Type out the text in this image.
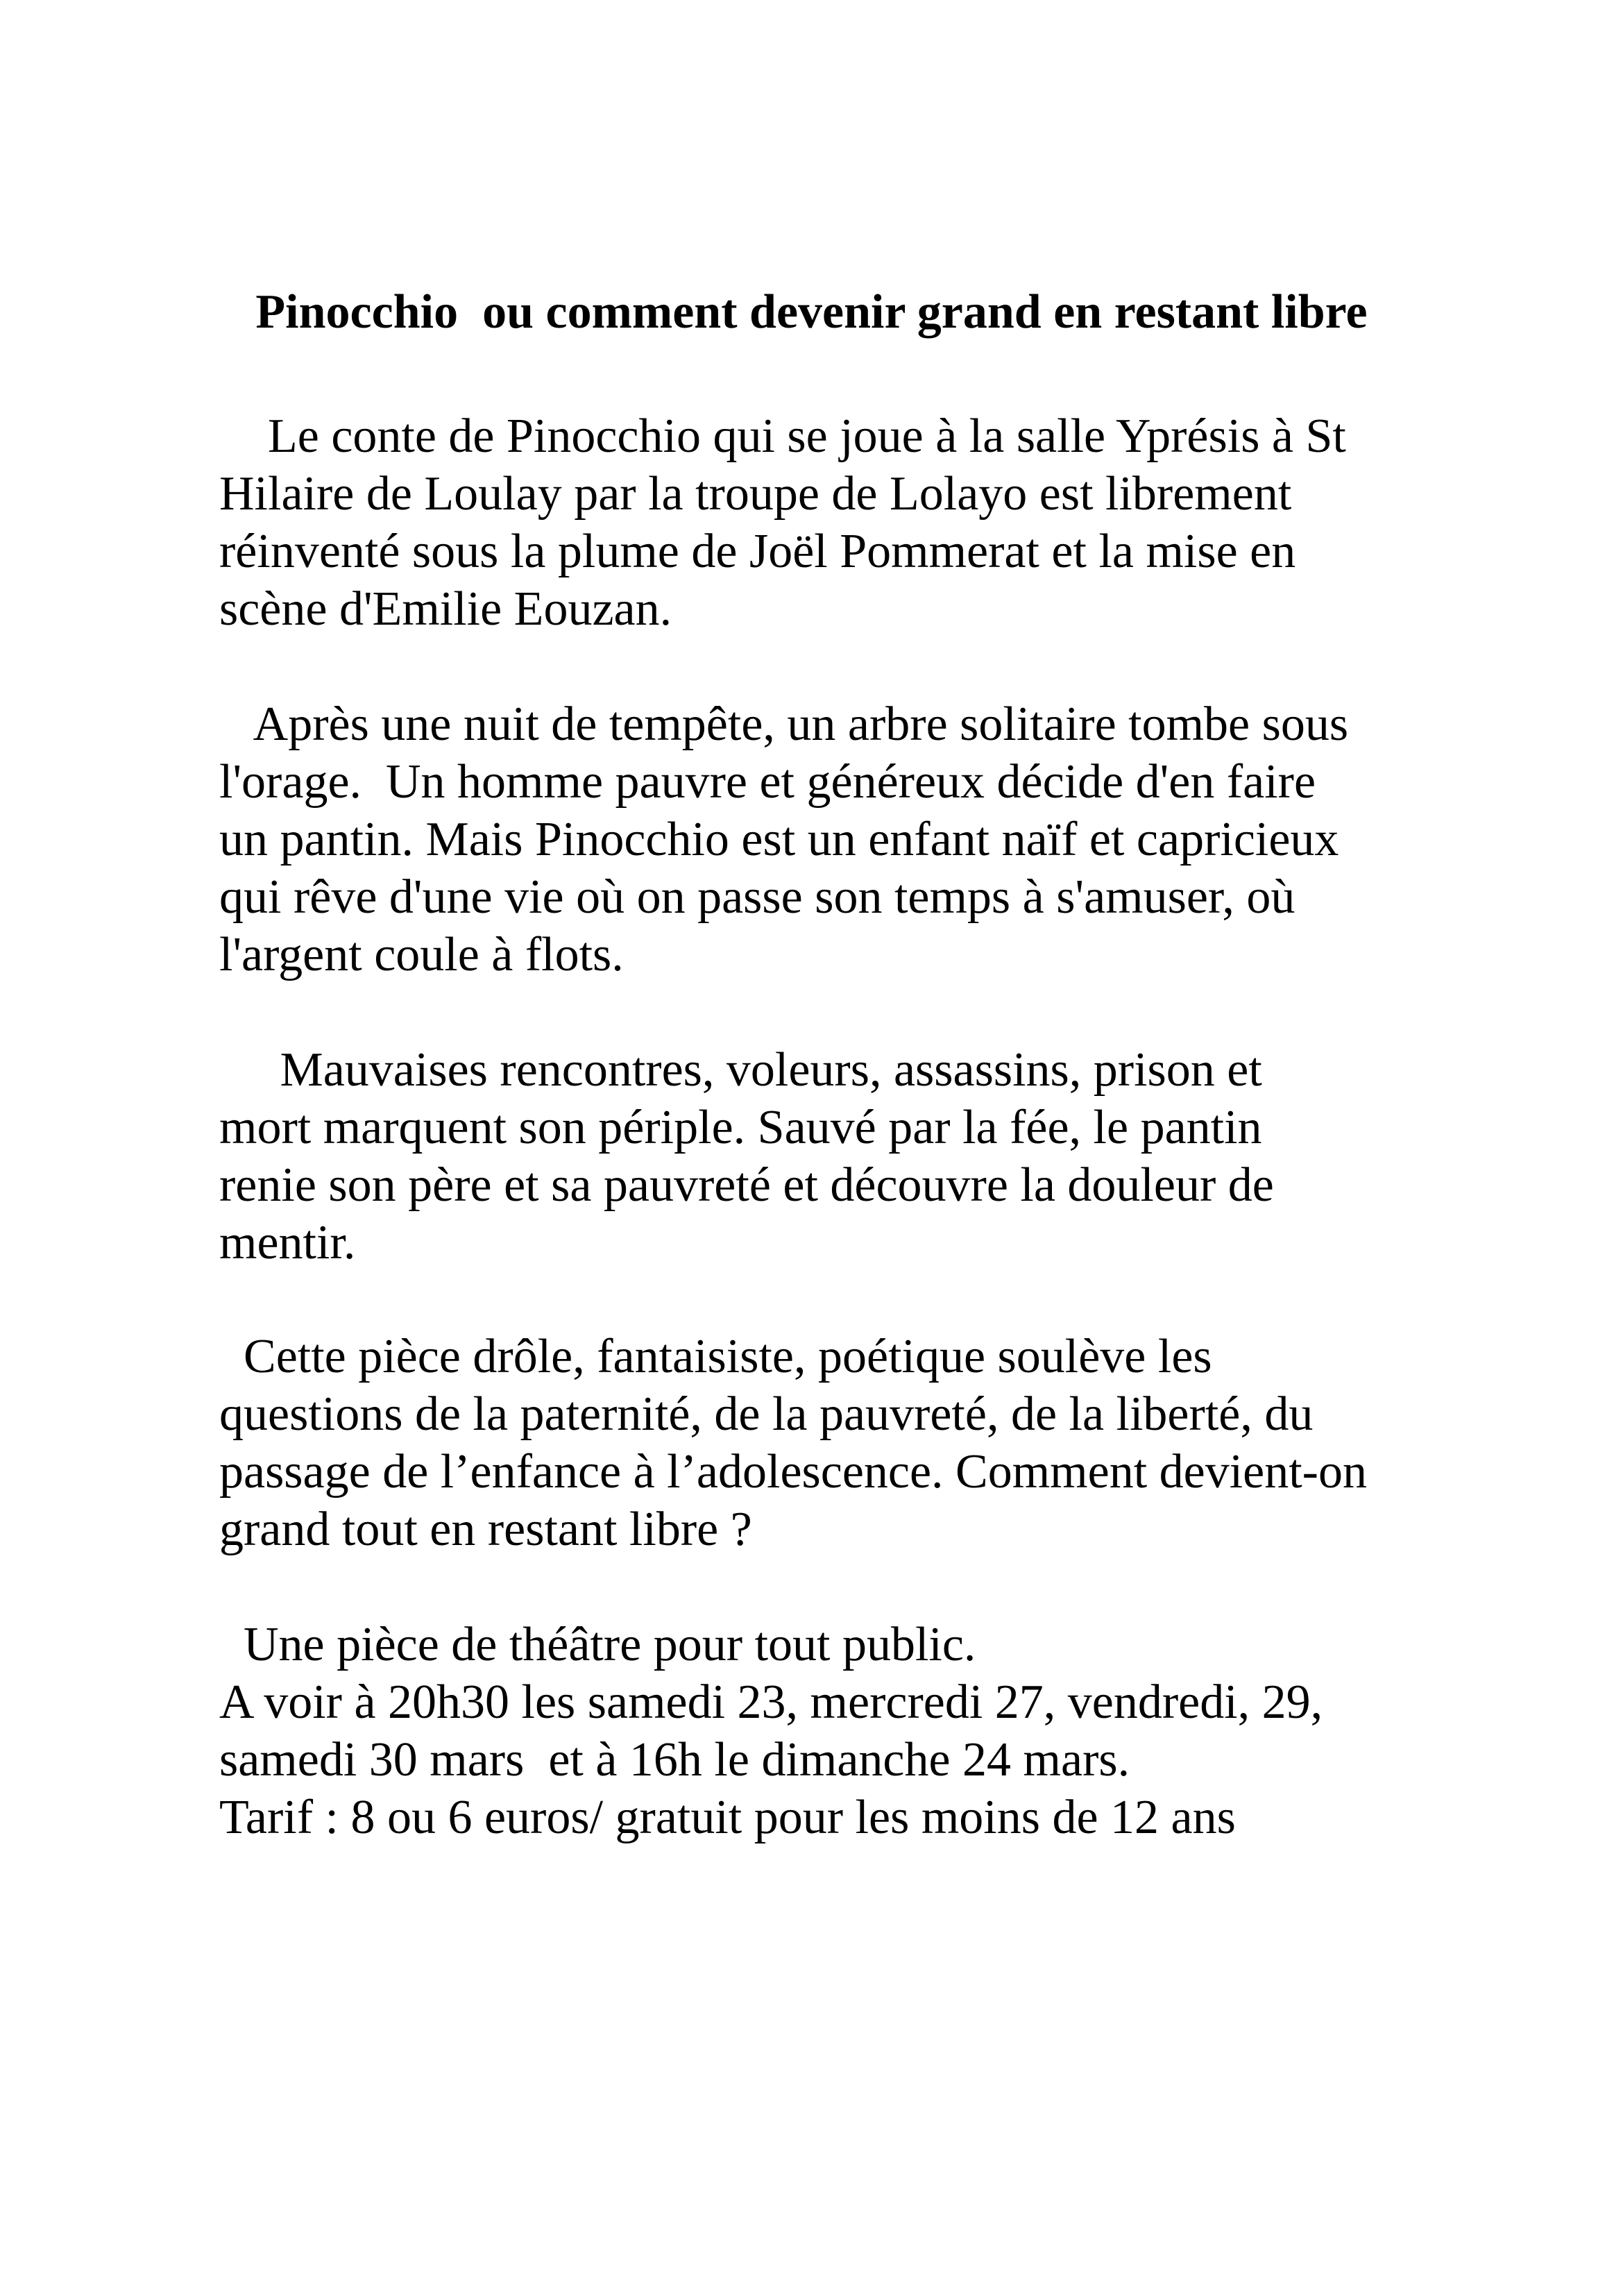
Pinocchio  ou comment devenir grand en restant libre
Le conte de Pinocchio qui se joue à la salle Yprésis à St
Hilaire de Loulay par la troupe de Lolayo est librement
réinventé sous la plume de Joël Pommerat et la mise en
scène d'Emilie Eouzan.
Après une nuit de tempête, un arbre solitaire tombe sous
l'orage.  Un homme pauvre et généreux décide d'en faire
un pantin. Mais Pinocchio est un enfant naïf et capricieux
qui rêve d'une vie où on passe son temps à s'amuser, où
l'argent coule à flots.
Mauvaises rencontres, voleurs, assassins, prison et
mort marquent son périple. Sauvé par la fée, le pantin
renie son père et sa pauvreté et découvre la douleur de
mentir.
Cette pièce drôle, fantaisiste, poétique soulève les
questions de la paternité, de la pauvreté, de la liberté, du
passage de l’enfance à l’adolescence. Comment devient-on
grand tout en restant libre ?
Une pièce de théâtre pour tout public.
A voir à 20h30 les samedi 23, mercredi 27, vendredi, 29,
samedi 30 mars  et à 16h le dimanche 24 mars.
Tarif : 8 ou 6 euros/ gratuit pour les moins de 12 ans
